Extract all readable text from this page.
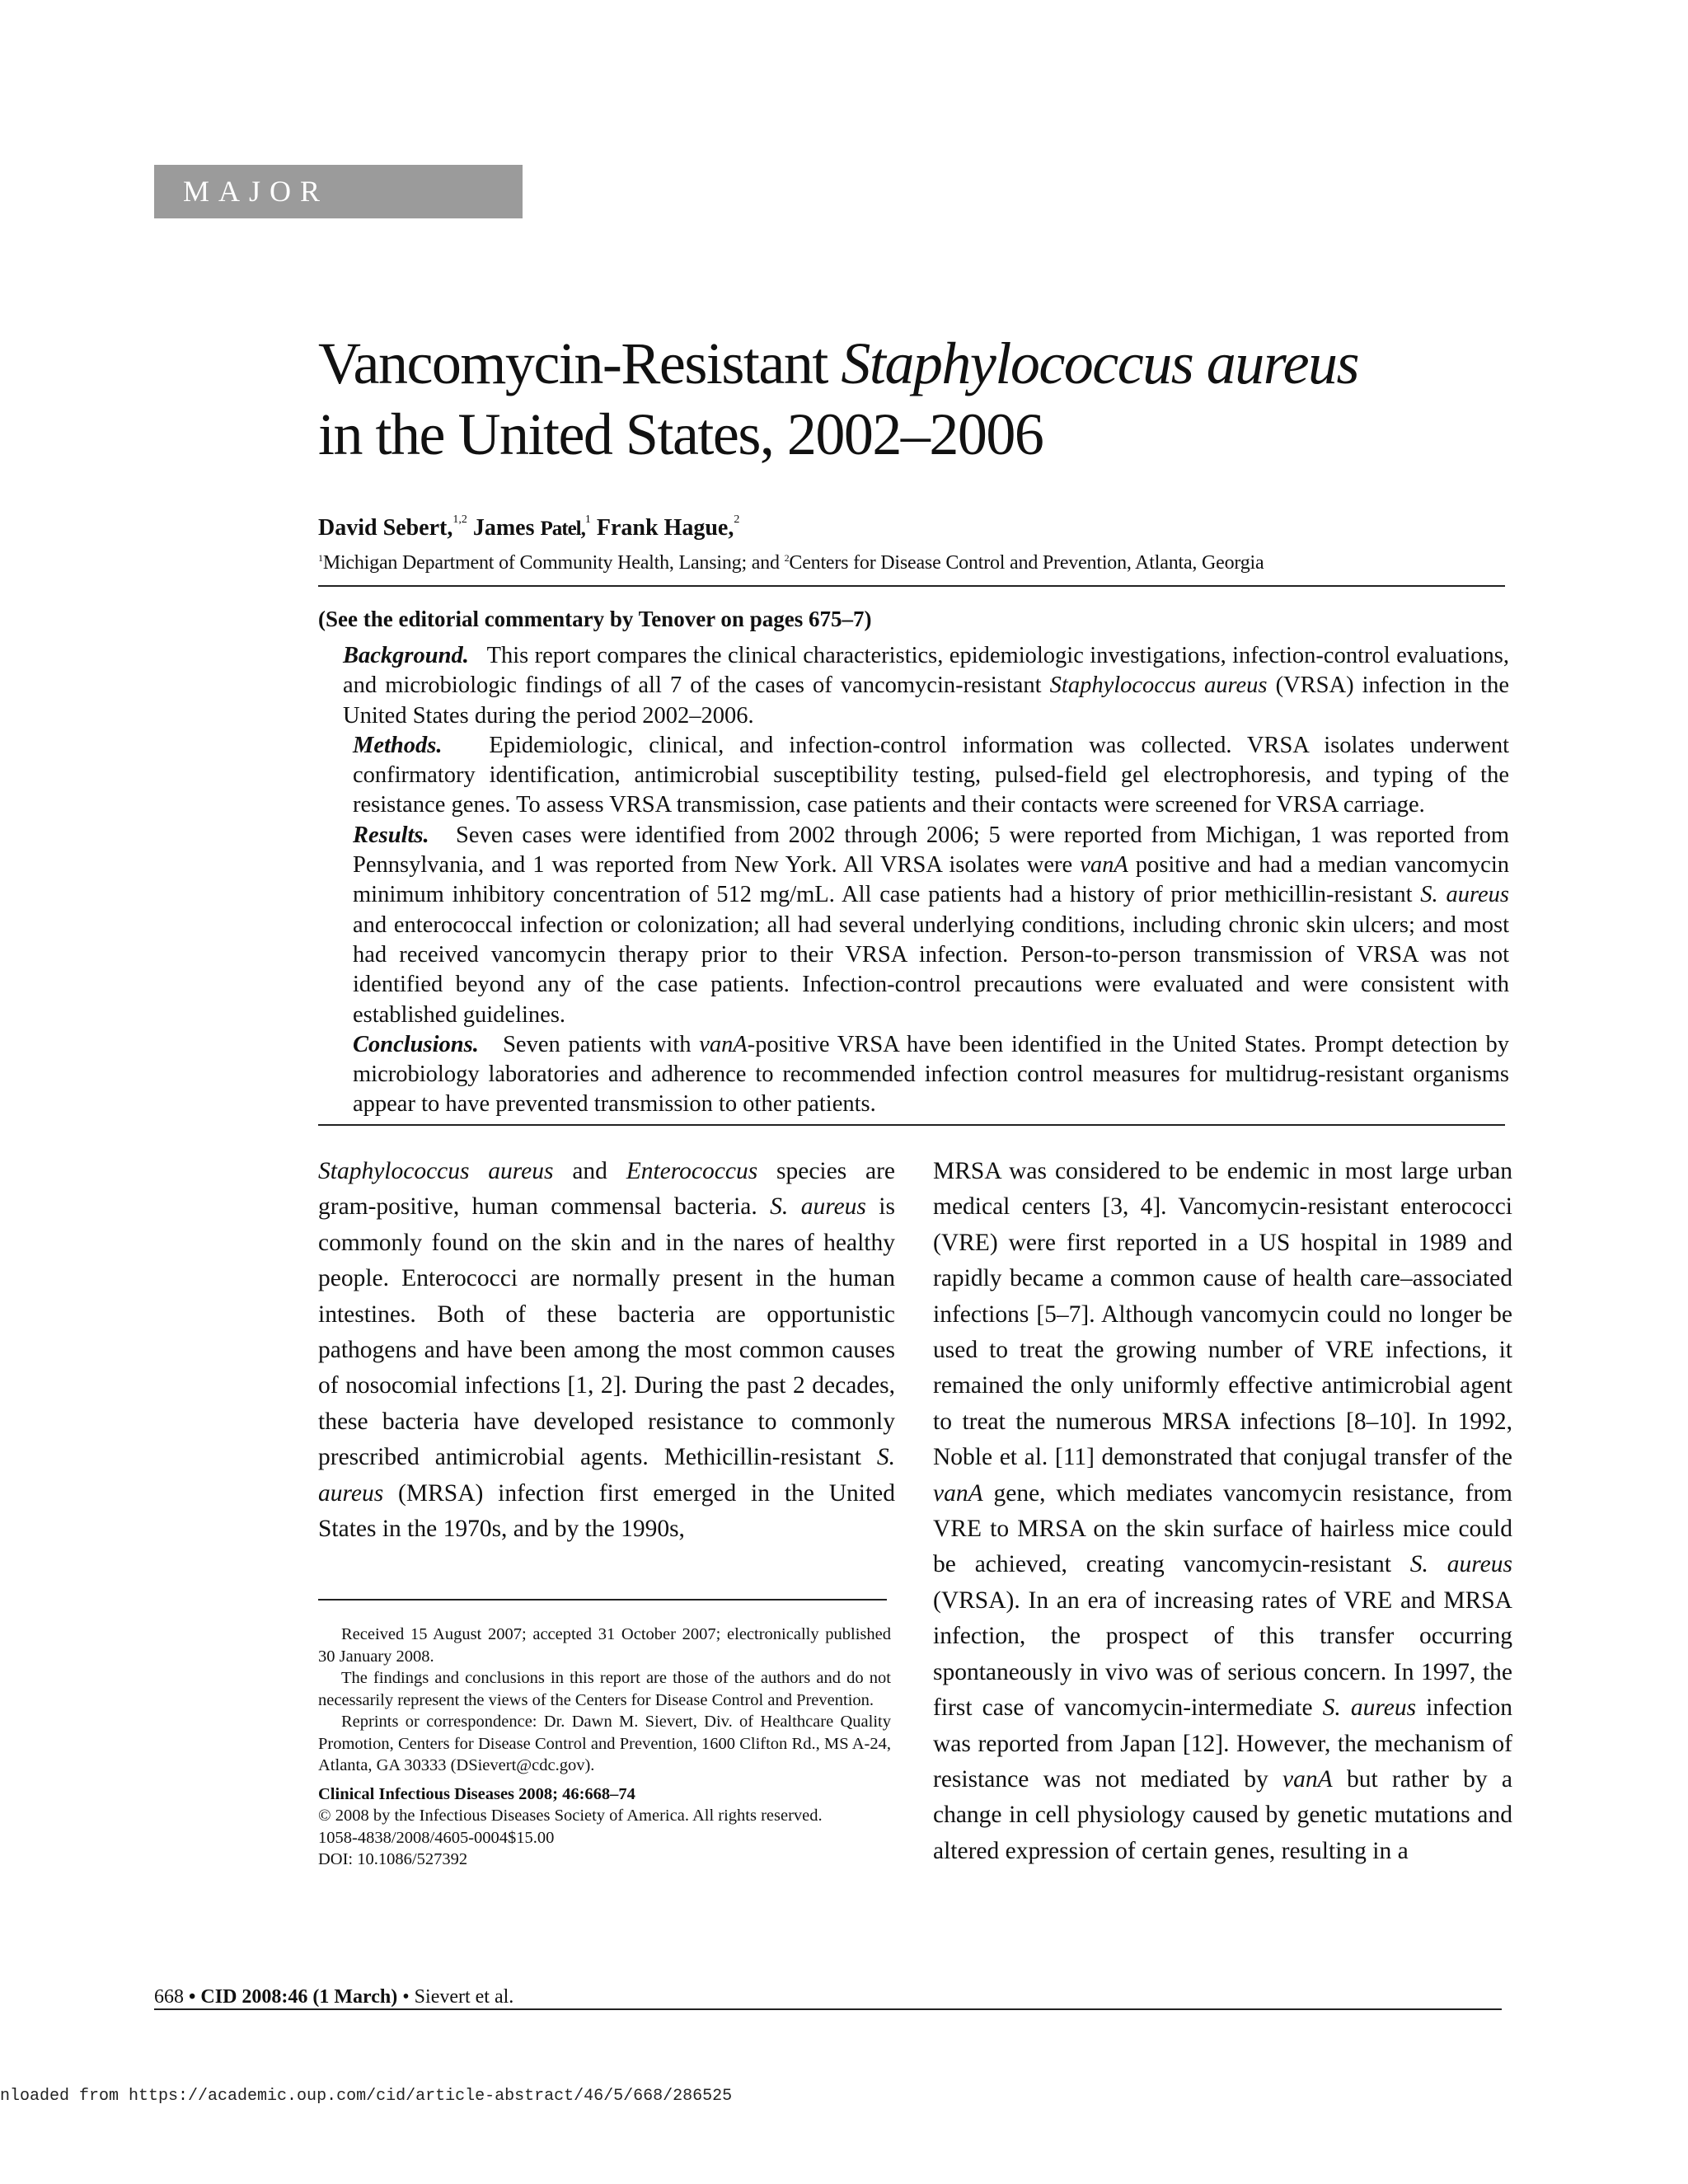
MAJOR ARTICLE
Vancomycin-Resistant Staphylococcus aureus
in the United States, 2002–2006
David Sebert,$^{1,2}$ James Patel,$^1$ Frank Hague,$^2$
$^1$Michigan Department of Community Health, Lansing; and $^2$Centers for Disease Control and Prevention, Atlanta, Georgia
(See the editorial commentary by Tenover on pages 675–7)

Background. This report compares the clinical characteristics, epidemiologic investigations, infection-control evaluations, and microbiologic findings of all 7 of the cases of vancomycin-resistant Staphylococcus aureus (VRSA) infection in the United States during the period 2002–2006.

Methods. Epidemiologic, clinical, and infection-control information was collected. VRSA isolates underwent confirmatory identification, antimicrobial susceptibility testing, pulsed-field gel electrophoresis, and typing of the resistance genes. To assess VRSA transmission, case patients and their contacts were screened for VRSA carriage.

Results. Seven cases were identified from 2002 through 2006; 5 were reported from Michigan, 1 was reported from Pennsylvania, and 1 was reported from New York. All VRSA isolates were vanA positive and had a median vancomycin minimum inhibitory concentration of 512 mg/mL. All case patients had a history of prior methicillin-resistant S. aureus and enterococcal infection or colonization; all had several underlying conditions, including chronic skin ulcers; and most had received vancomycin therapy prior to their VRSA infection. Person-to-person transmission of VRSA was not identified beyond any of the case patients. Infection-control precautions were evaluated and were consistent with established guidelines.

Conclusions. Seven patients with vanA-positive VRSA have been identified in the United States. Prompt detection by microbiology laboratories and adherence to recommended infection control measures for multidrug-resistant organisms appear to have prevented transmission to other patients.

Staphylococcus aureus and Enterococcus species are gram-positive, human commensal bacteria. S. aureus is commonly found on the skin and in the nares of healthy people. Enterococci are normally present in the human intestines. Both of these bacteria are opportunistic pathogens and have been among the most common causes of nosocomial infections [1, 2]. During the past 2 decades, these bacteria have developed resistance to commonly prescribed antimicrobial agents. Methicillin-resistant S. aureus (MRSA) infection first emerged in the United States in the 1970s, and by the 1990s,

MRSA was considered to be endemic in most large urban medical centers [3, 4]. Vancomycin-resistant enterococci (VRE) were first reported in a US hospital in 1989 and rapidly became a common cause of health care–associated infections [5–7]. Although vancomycin could no longer be used to treat the growing number of VRE infections, it remained the only uniformly effective antimicrobial agent to treat the numerous MRSA infections [8–10]. In 1992, Noble et al. [11] demonstrated that conjugal transfer of the vanA gene, which mediates vancomycin resistance, from VRE to MRSA on the skin surface of hairless mice could be achieved, creating vancomycin-resistant S. aureus (VRSA). In an era of increasing rates of VRE and MRSA infection, the prospect of this transfer occurring spontaneously in vivo was of serious concern. In 1997, the first case of vancomycin-intermediate S. aureus infection was reported from Japan [12]. However, the mechanism of resistance was not mediated by vanA but rather by a change in cell physiology caused by genetic mutations and altered expression of certain genes, resulting in a

Received 15 August 2007; accepted 31 October 2007; electronically published 30 January 2008.

The findings and conclusions in this report are those of the authors and do not necessarily represent the views of the Centers for Disease Control and Prevention.

Reprints or correspondence: Dr. Dawn M. Sievert, Div. of Healthcare Quality Promotion, Centers for Disease Control and Prevention, 1600 Clifton Rd., MS A-24, Atlanta, GA 30333 (DSievert@cdc.gov).

Clinical Infectious Diseases 2008; 46:668–74

© 2008 by the Infectious Diseases Society of America. All rights reserved.

1058-4838/2008/4605-0004$15.00

DOI: 10.1086/527392

668 • CID 2008:46 (1 March) • Sievert et al.
nloaded from https://academic.oup.com/cid/article-abstract/46/5/668/286525
